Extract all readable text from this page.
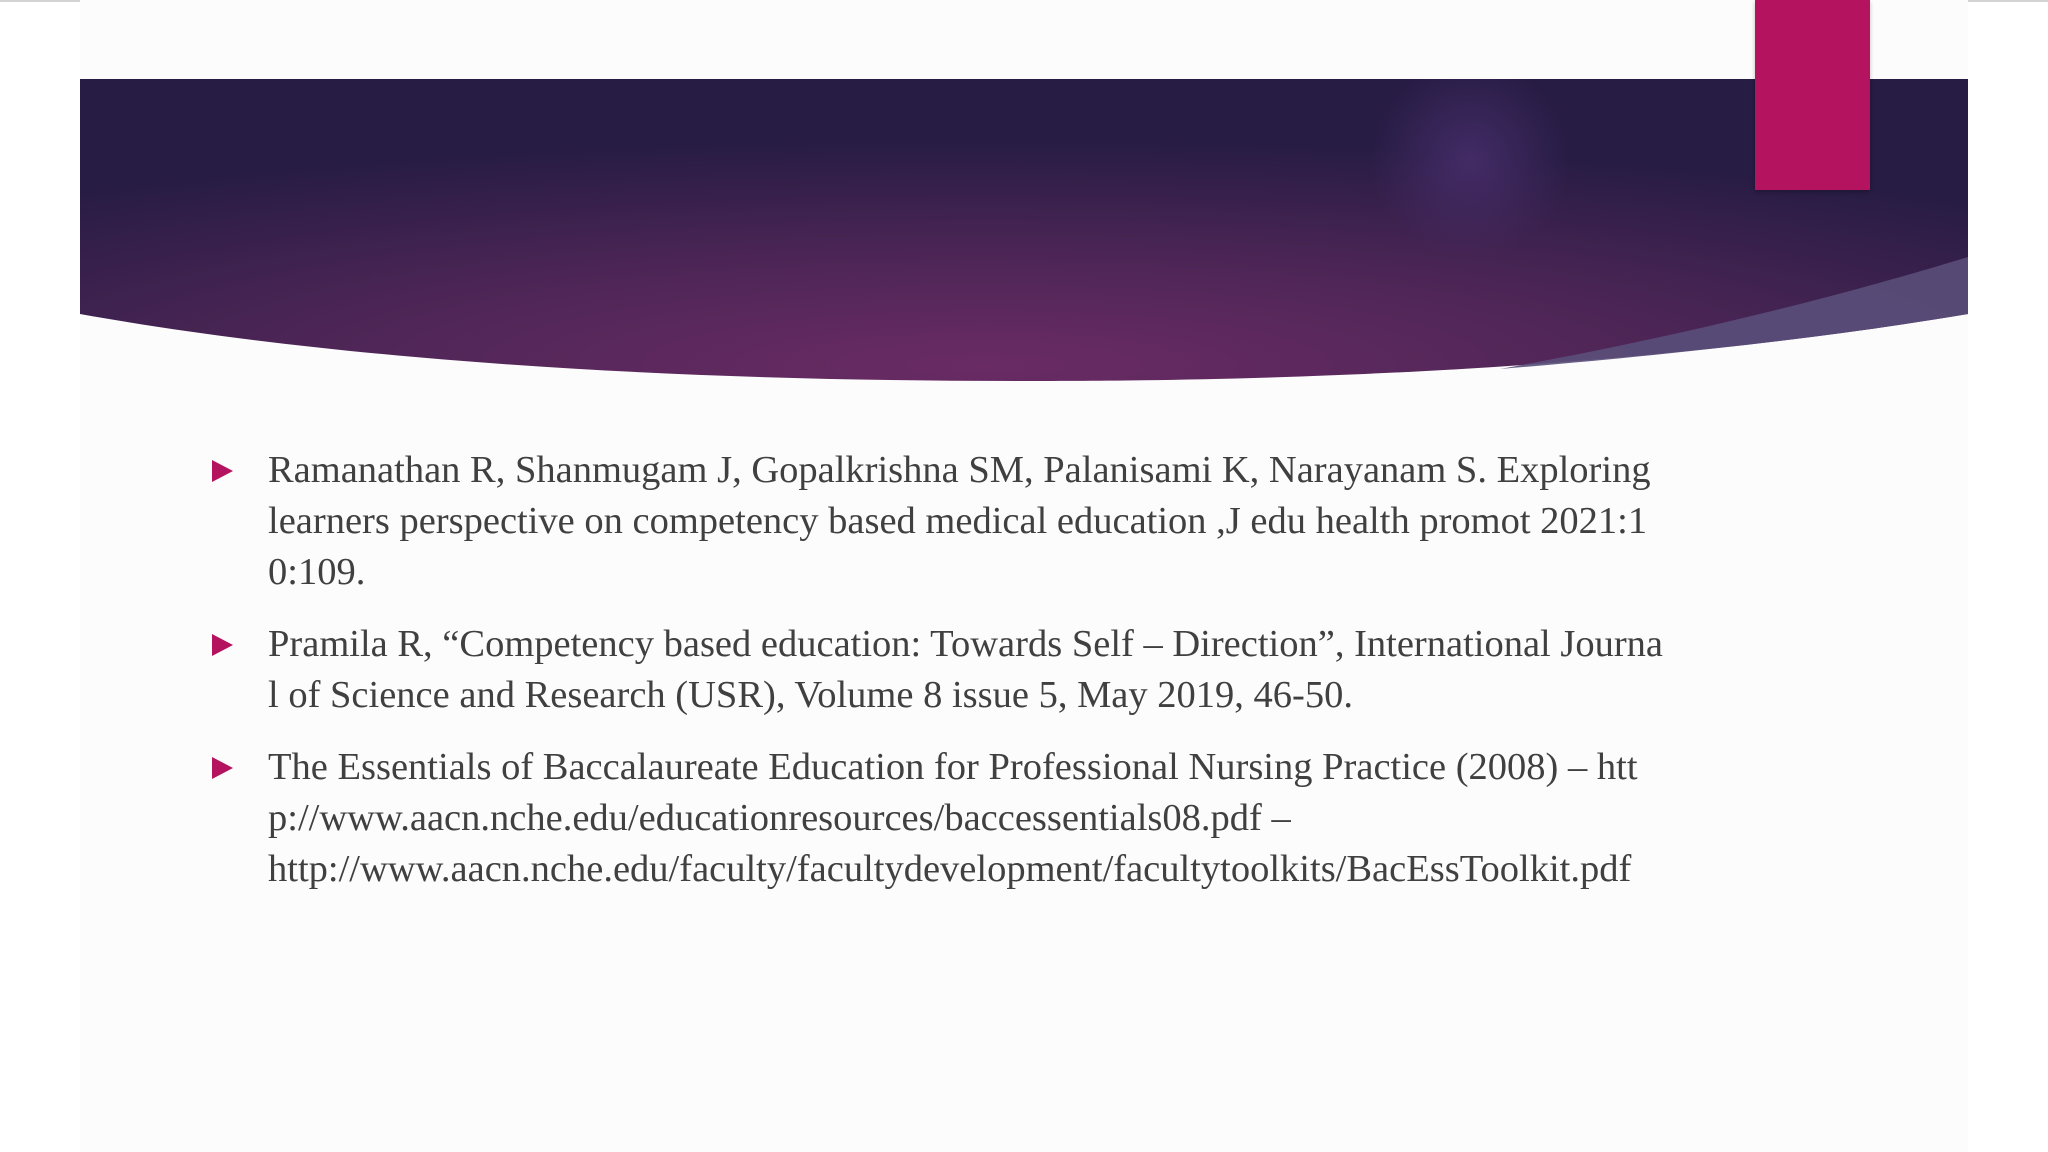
Ramanathan R, Shanmugam J, Gopalkrishna SM, Palanisami K, Narayanam S. Exploring learners perspective on competency based medical education ,J edu health promot 2021:10:109.
Pramila R, “Competency based education: Towards Self – Direction”, International Journal of Science and Research (USR), Volume 8 issue 5, May 2019, 46-50.
The Essentials of Baccalaureate Education for Professional Nursing Practice (2008) – http://www.aacn.nche.edu/educationresources/baccessentials08.pdf –
http://www.aacn.nche.edu/faculty/facultydevelopment/facultytoolkits/BacEssToolkit.pdf
